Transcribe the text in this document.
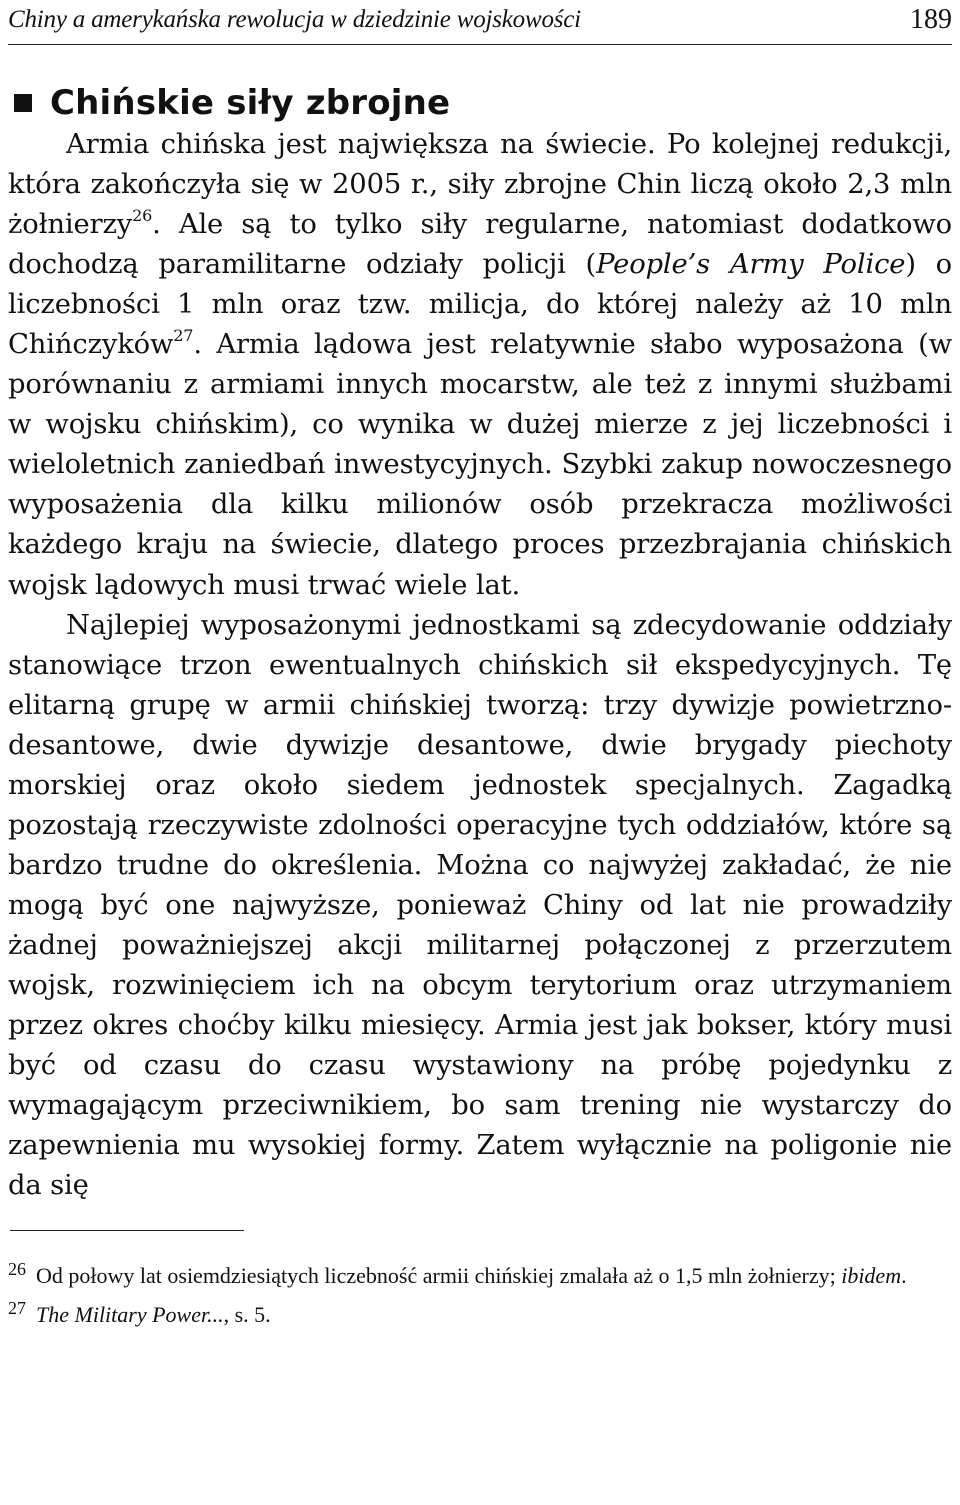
Chiny a amerykańska rewolucja w dziedzinie wojskowości	189
Chińskie siły zbrojne

Armia chińska jest największa na świecie. Po kolejnej redukcji, która zakończyła się w 2005 r., siły zbrojne Chin liczą około 2,3 mln żołnierzy$^{26}$. Ale są to tylko siły regularne, natomiast dodatkowo dochodzą paramilitarne odziały policji (People’s Army Police) o liczebności 1 mln oraz tzw. milicja, do której należy aż 10 mln Chińczyków$^{27}$. Armia lądowa jest relatywnie słabo wyposażona (w porównaniu z armiami innych mocarstw, ale też z innymi służbami w wojsku chińskim), co wynika w dużej mierze z jej liczebności i wieloletnich zaniedbań inwestycyjnych. Szybki zakup nowoczesnego wyposażenia dla kilku milionów osób przekracza możliwości każdego kraju na świecie, dlatego proces przezbrajania chińskich wojsk lądowych musi trwać wiele lat.

Najlepiej wyposażonymi jednostkami są zdecydowanie oddziały stanowiące trzon ewentualnych chińskich sił ekspedycyjnych. Tę elitarną grupę w armii chińskiej tworzą: trzy dywizje powietrzno-desantowe, dwie dywizje desantowe, dwie brygady piechoty morskiej oraz około siedem jednostek specjalnych. Zagadką pozostają rzeczywiste zdolności operacyjne tych oddziałów, które są bardzo trudne do określenia. Można co najwyżej zakładać, że nie mogą być one najwyższe, ponieważ Chiny od lat nie prowadziły żadnej poważniejszej akcji militarnej połączonej z przerzutem wojsk, rozwinięciem ich na obcym terytorium oraz utrzymaniem przez okres choćby kilku miesięcy. Armia jest jak bokser, który musi być od czasu do czasu wystawiony na próbę pojedynku z wymagającym przeciwnikiem, bo sam trening nie wystarczy do zapewnienia mu wysokiej formy. Zatem wyłącznie na poligonie nie da się

26 Od połowy lat osiemdziesiątych liczebność armii chińskiej zmalała aż o 1,5 mln żołnierzy; ibidem.

27 The Military Power..., s. 5.
